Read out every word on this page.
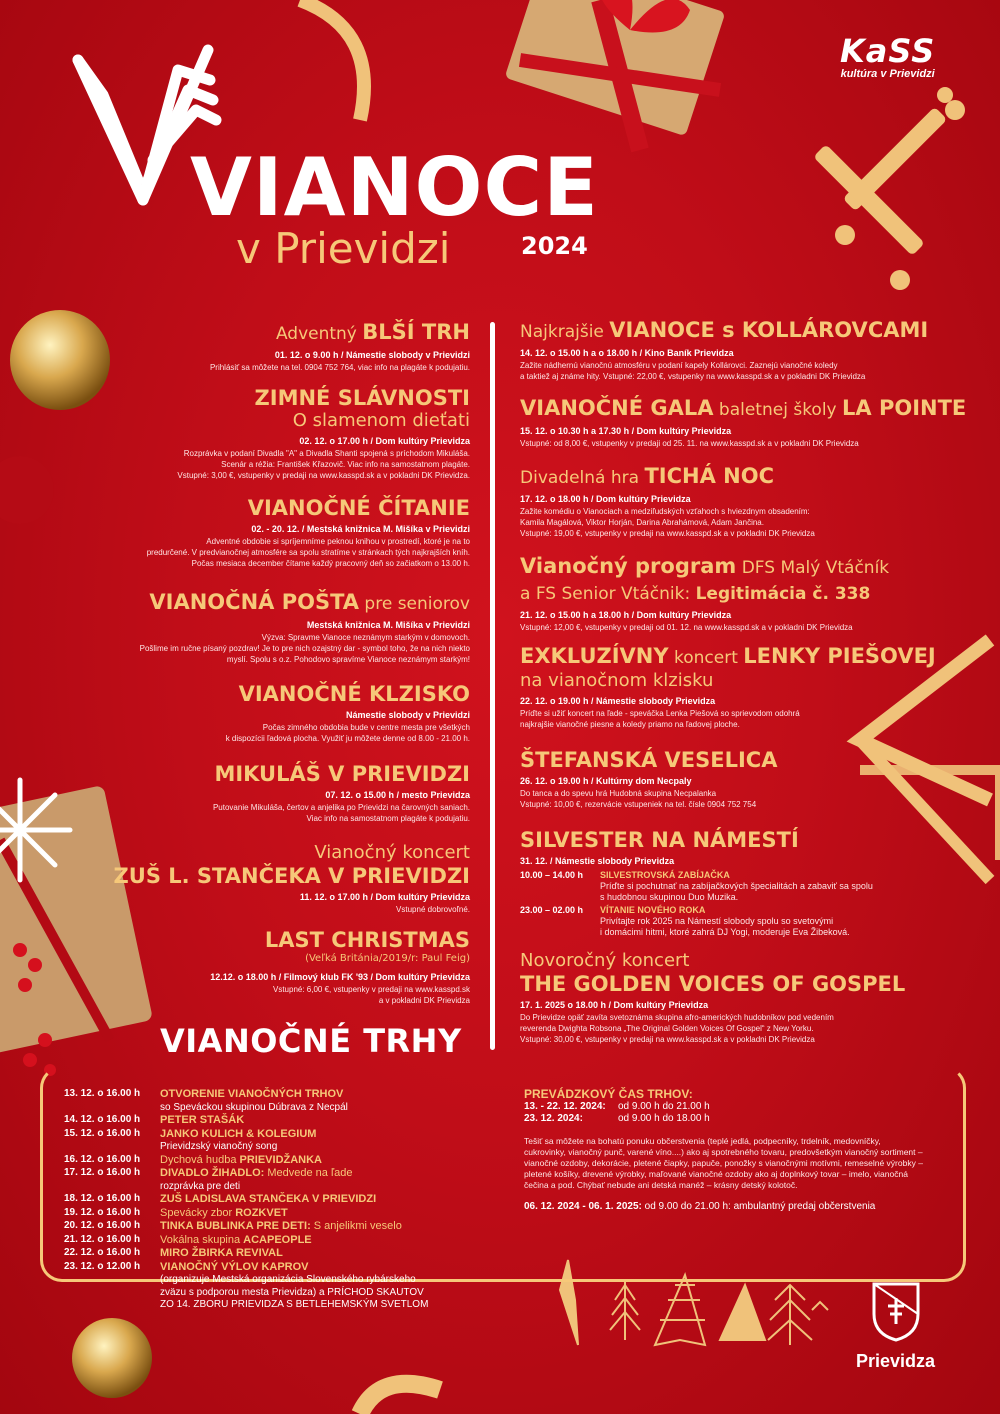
VIANOCE
v Prievidzi	2024
KaSS
kultúra v Prievidzi
Adventný BLŠÍ TRH
01. 12. o 9.00 h / Námestie slobody v Prievidzi
Prihlásiť sa môžete na tel. 0904 752 764, viac info na plagáte k podujatiu.
ZIMNÉ SLÁVNOSTI
O slamenom dieťati
02. 12. o 17.00 h / Dom kultúry Prievidza
Rozprávka v podaní Divadla "A" a Divadla Shanti spojená s príchodom Mikuláša.
Scenár a réžia: František Křazovič. Viac info na samostatnom plagáte.
Vstupné: 3,00 €, vstupenky v predaji na www.kasspd.sk a v pokladni DK Prievidza.
VIANOČNÉ ČÍTANIE
02. - 20. 12. / Mestská knižnica M. Mišíka v Prievidzi
Adventné obdobie si spríjemníme peknou knihou v prostredí, ktoré je na to
predurčené. V predvianočnej atmosfére sa spolu stratíme v stránkach tých najkrajších kníh.
Počas mesiaca december čítame každý pracovný deň so začiatkom o 13.00 h.
VIANOČNÁ POŠTA pre seniorov
Mestská knižnica M. Mišíka v Prievidzi
Výzva: Spravme Vianoce neznámym starkým v domovoch.
Pošlime im ručne písaný pozdrav! Je to pre nich ozajstný dar - symbol toho, že na nich niekto
myslí. Spolu s o.z. Pohodovo spravíme Vianoce neznámym starkým!
VIANOČNÉ KLZISKO
Námestie slobody v Prievidzi
Počas zimného obdobia bude v centre mesta pre všetkých
k dispozícii ľadová plocha. Využiť ju môžete denne od 8.00 - 21.00 h.
MIKULÁŠ V PRIEVIDZI
07. 12. o 15.00 h / mesto Prievidza
Putovanie Mikuláša, čertov a anjelika po Prievidzi na čarovných saniach.
Viac info na samostatnom plagáte k podujatiu.
Vianočný koncert
ZUŠ L. STANČEKA V PRIEVIDZI
11. 12. o 17.00 h / Dom kultúry Prievidza
Vstupné dobrovoľné.
LAST CHRISTMAS
(Veľká Británia/2019/r: Paul Feig)
12.12. o 18.00 h / Filmový klub FK '93 / Dom kultúry Prievidza
Vstupné: 6,00 €, vstupenky v predaji na www.kasspd.sk
a v pokladni DK Prievidza
Najkrajšie VIANOCE s KOLLÁROVCAMI
14. 12. o 15.00 h a o 18.00 h / Kino Baník Prievidza
Zažite nádhernú vianočnú atmosféru v podaní kapely Kollárovci. Zaznejú vianočné koledy
a taktiež aj známe hity. Vstupné: 22,00 €, vstupenky na www.kasspd.sk a v pokladni DK Prievidza
VIANOČNÉ GALA baletnej školy LA POINTE
15. 12. o 10.30 h a 17.30 h / Dom kultúry Prievidza
Vstupné: od 8,00 €, vstupenky v predaji od 25. 11. na www.kasspd.sk a v pokladni DK Prievidza
Divadelná hra TICHÁ NOC
17. 12. o 18.00 h / Dom kultúry Prievidza
Zažite komédiu o Vianociach a medziľudských vzťahoch s hviezdnym obsadením:
Kamila Magálová, Viktor Horján, Darina Abrahámová, Adam Jančina.
Vstupné: 19,00 €, vstupenky v predaji na www.kasspd.sk a v pokladni DK Prievidza
Vianočný program DFS Malý Vtáčník
a FS Senior Vtáčnik: Legitimácia č. 338
21. 12. o 15.00 h a 18.00 h / Dom kultúry Prievidza
Vstupné: 12,00 €, vstupenky v predaji od 01. 12. na www.kasspd.sk a v pokladni DK Prievidza
EXKLUZÍVNY koncert LENKY PIEŠOVEJ
na vianočnom klzisku
22. 12. o 19.00 h / Námestie slobody Prievidza
Príďte si užiť koncert na ľade - speváčka Lenka Piešová so sprievodom odohrá
najkrajšie vianočné piesne a koledy priamo na ľadovej ploche.
ŠTEFANSKÁ VESELICA
26. 12. o 19.00 h / Kultúrny dom Necpaly
Do tanca a do spevu hrá Hudobná skupina Necpalanka
Vstupné: 10,00 €, rezervácie vstupeniek na tel. čísle 0904 752 754
SILVESTER NA NÁMESTÍ
31. 12. / Námestie slobody Prievidza
10.00 – 14.00 h	SILVESTROVSKÁ ZABÍJAČKA
Príďte si pochutnať na zabíjačkových špecialitách a zabaviť sa spolu
s hudobnou skupinou Duo Muzika.
23.00 – 02.00 h	VÍTANIE NOVÉHO ROKA
Privítajte rok 2025 na Námestí slobody spolu so svetovými
i domácimi hitmi, ktoré zahrá DJ Yogi, moderuje Eva Žibeková.
Novoročný koncert
THE GOLDEN VOICES OF GOSPEL
17. 1. 2025 o 18.00 h / Dom kultúry Prievidza
Do Prievidze opäť zavíta svetoznáma skupina afro-amerických hudobníkov pod vedením
reverenda Dwighta Robsona „The Original Golden Voices Of Gospel“ z New Yorku.
Vstupné: 30,00 €, vstupenky v predaji na www.kasspd.sk a v pokladni DK Prievidza
VIANOČNÉ TRHY
13. 12. o 16.00 h	OTVORENIE VIANOČNÝCH TRHOV
so Speváckou skupinou Dúbrava z Necpál
14. 12. o 16.00 h	PETER STAŠÁK
15. 12. o 16.00 h	JANKO KULICH & KOLEGIUM
Prievidzský vianočný song
16. 12. o 16.00 h	Dychová hudba PRIEVIDŽANKA
17. 12. o 16.00 h	DIVADLO ŽIHADLO: Medvede na ľade
rozprávka pre deti
18. 12. o 16.00 h	ZUŠ LADISLAVA STANČEKA V PRIEVIDZI
19. 12. o 16.00 h	Spevácky zbor ROZKVET
20. 12. o 16.00 h	TINKA BUBLINKA PRE DETI: S anjelikmi veselo
21. 12. o 16.00 h	Vokálna skupina ACAPEOPLE
22. 12. o 16.00 h	MIRO ŽBIRKA REVIVAL
23. 12. o 12.00 h	VIANOČNÝ VÝLOV KAPROV
(organizuje Mestská organizácia Slovenského rybárskeho
zväzu s podporou mesta Prievidza) a PRÍCHOD SKAUTOV
ZO 14. ZBORU PRIEVIDZA S BETLEHEMSKÝM SVETLOM
PREVÁDZKOVÝ ČAS TRHOV:
13. - 22. 12. 2024: od 9.00 h do 21.00 h
23. 12. 2024:	od 9.00 h do 18.00 h

Tešiť sa môžete na bohatú ponuku občerstvenia (teplé jedlá, podpecníky, trdelník, medovníčky, cukrovinky, vianočný punč, varené víno....) ako aj spotrebného tovaru, predovšetkým vianočný sortiment – vianočné ozdoby, dekorácie, pletené čiapky, papuče, ponožky s vianočnými motívmi, remeselné výrobky – pletené košíky, drevené výrobky, maľované vianočné ozdoby ako aj doplnkový tovar – imelo, vianočná čečina a pod. Chýbať nebude ani detská manéž – krásny detský kolotoč.

06. 12. 2024 - 06. 1. 2025: od 9.00 do 21.00 h: ambulantný predaj občerstvenia
Prievidza
